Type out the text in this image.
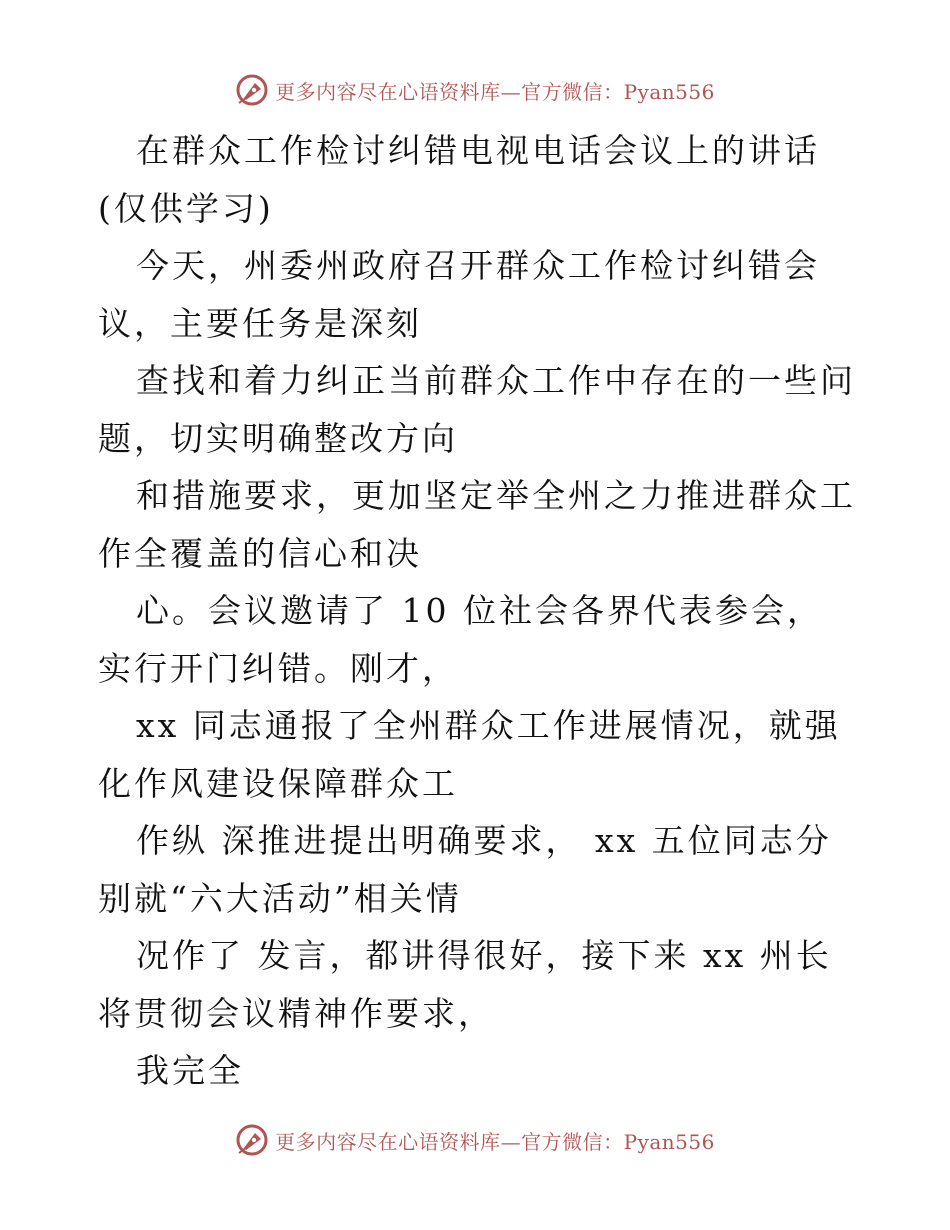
更多内容尽在心语资料库—官方微信：Pyan556

在群众工作检讨纠错电视电话会议上的讲话(仅供学习)

今天，州委州政府召开群众工作检讨纠错会议，主要任务是深刻

查找和着力纠正当前群众工作中存在的一些问题，切实明确整改方向

和措施要求，更加坚定举全州之力推进群众工作全覆盖的信心和决

心。会议邀请了 10 位社会各界代表参会，实行开门纠错。刚才，

xx 同志通报了全州群众工作进展情况，就强化作风建设保障群众工

作纵 深推进提出明确要求， xx 五位同志分别就“六大活动”相关情

况作了 发言，都讲得很好，接下来 xx 州长将贯彻会议精神作要求，

我完全

更多内容尽在心语资料库—官方微信：Pyan556
